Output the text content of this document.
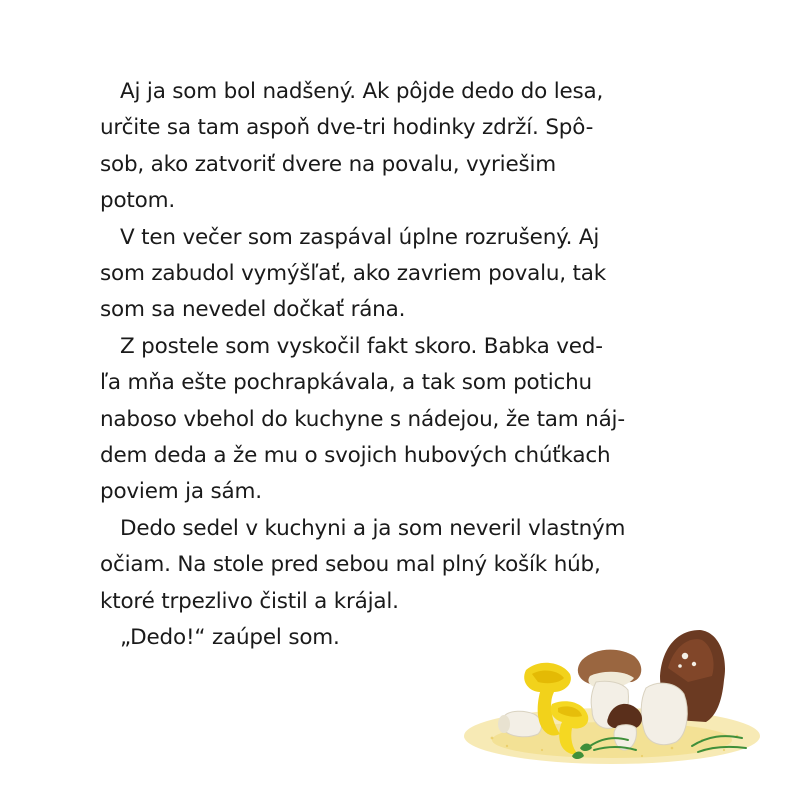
Aj ja som bol nadšený. Ak pôjde dedo do lesa,
určite sa tam aspoň dve-tri hodinky zdrží. Spô-
sob, ako zatvoriť dvere na povalu, vyriešim
potom.
V ten večer som zaspával úplne rozrušený. Aj
som zabudol vymýšľať, ako zavriem povalu, tak
som sa nevedel dočkať rána.
Z postele som vyskočil fakt skoro. Babka ved-
ľa mňa ešte pochrapkávala, a tak som potichu
naboso vbehol do kuchyne s nádejou, že tam náj-
dem deda a že mu o svojich hubových chúťkach
poviem ja sám.
Dedo sedel v kuchyni a ja som neveril vlastným
očiam. Na stole pred sebou mal plný košík húb,
ktoré trpezlivo čistil a krájal.
„Dedo!“ zaúpel som.
